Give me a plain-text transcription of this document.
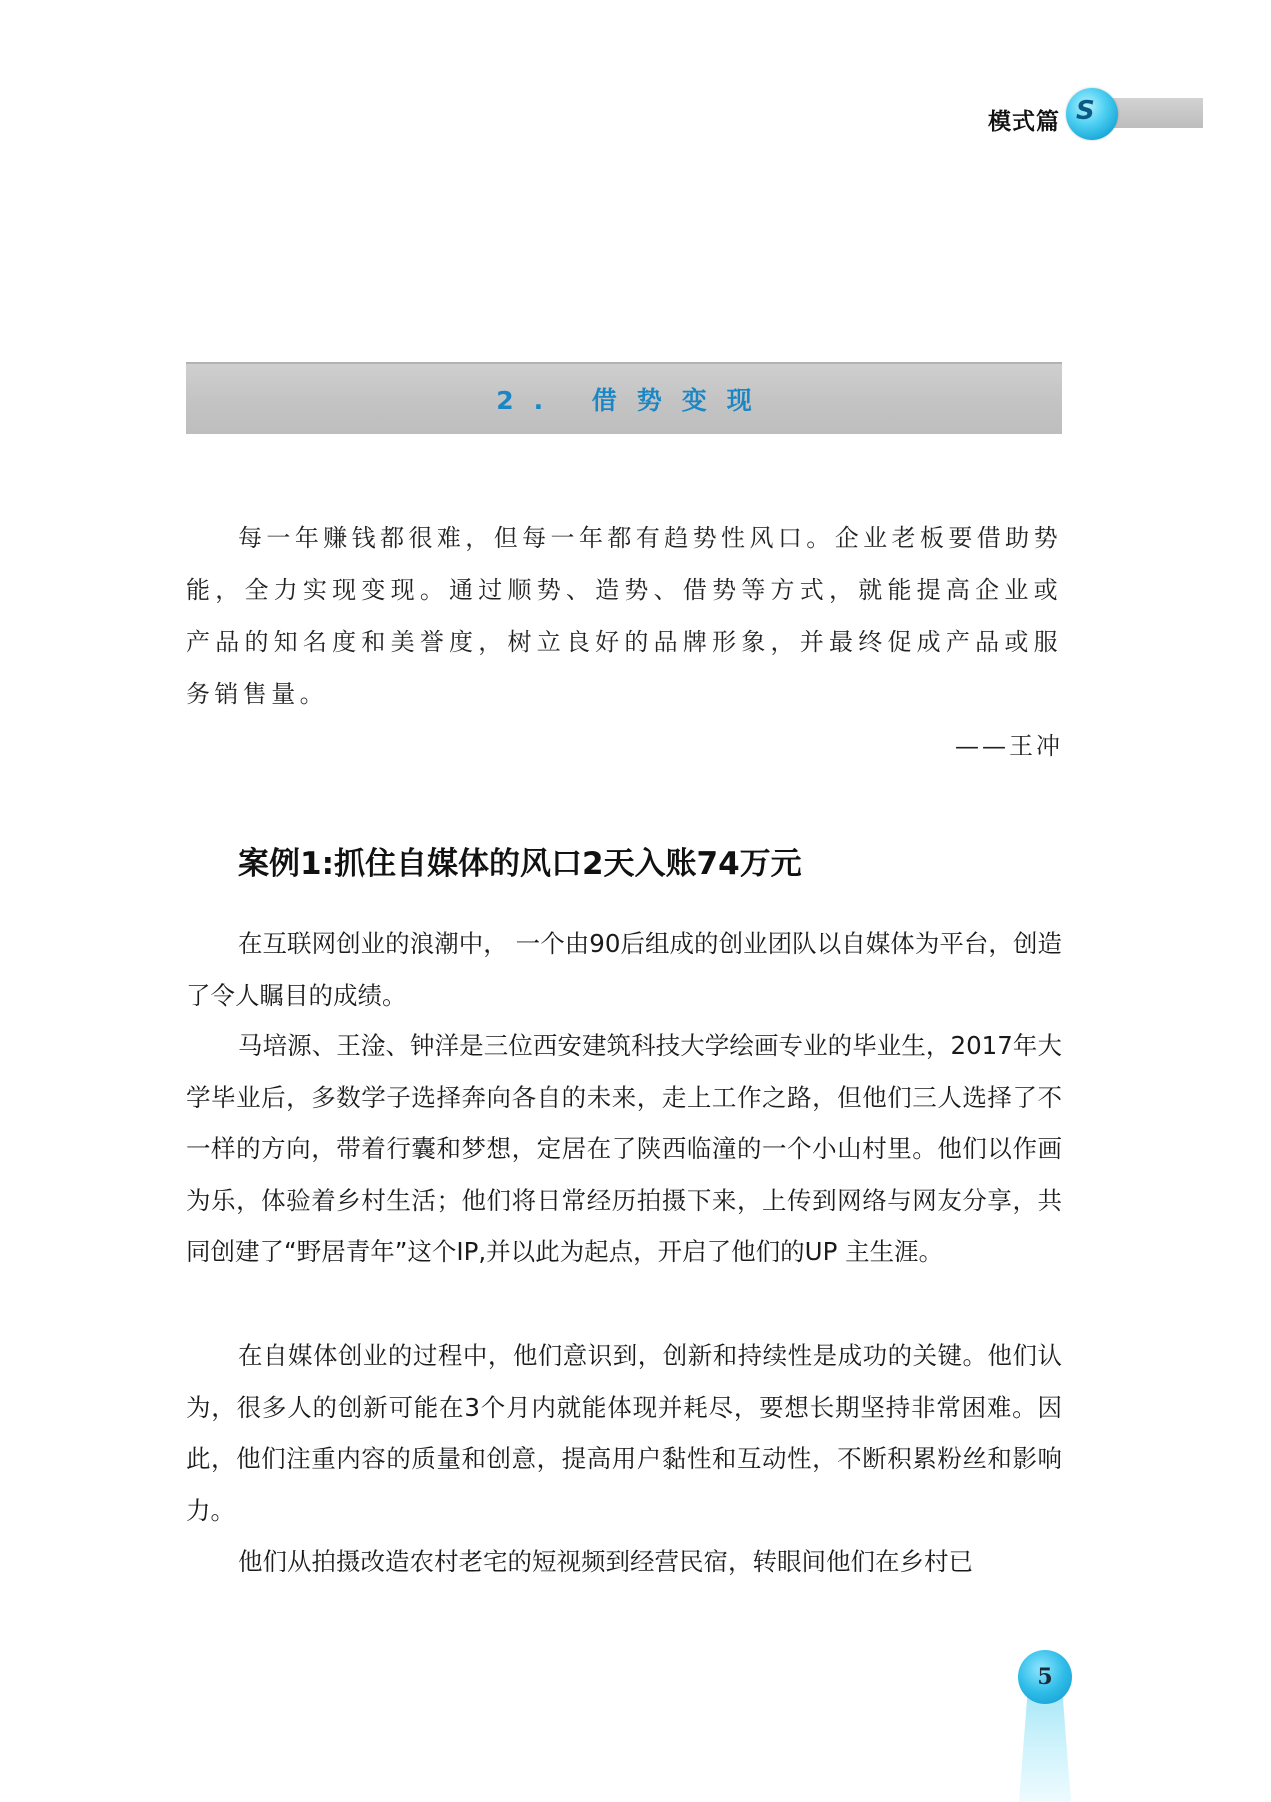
模式篇 S
2. 借势变现

每一年赚钱都很难，但每一年都有趋势性风口。企业老板要借助势能，全力实现变现。通过顺势、造势、借势等方式，就能提高企业或产品的知名度和美誉度，树立良好的品牌形象，并最终促成产品或服务销售量。

——王冲
案例1:抓住自媒体的风口2天入账74万元

在互联网创业的浪潮中， 一个由90后组成的创业团队以自媒体为平台，创造了令人瞩目的成绩。

马培源、王淦、钟洋是三位西安建筑科技大学绘画专业的毕业生，2017年大学毕业后，多数学子选择奔向各自的未来，走上工作之路，但他们三人选择了不一样的方向，带着行囊和梦想，定居在了陕西临潼的一个小山村里。他们以作画为乐，体验着乡村生活；他们将日常经历拍摄下来，上传到网络与网友分享，共同创建了“野居青年”这个IP,并以此为起点，开启了他们的UP 主生涯。

在自媒体创业的过程中，他们意识到，创新和持续性是成功的关键。他们认为，很多人的创新可能在3个月内就能体现并耗尽，要想长期坚持非常困难。因此，他们注重内容的质量和创意，提高用户黏性和互动性，不断积累粉丝和影响力。

他们从拍摄改造农村老宅的短视频到经营民宿，转眼间他们在乡村已

5
